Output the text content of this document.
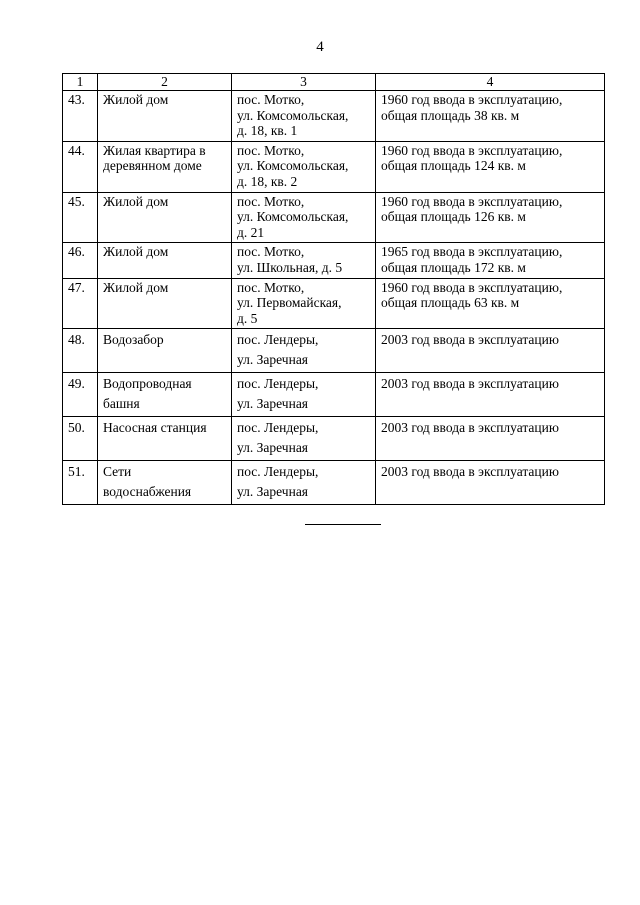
4
1	2	3	4
43.	Жилой дом	пос. Мотко,
ул. Комсомольская,
д. 18, кв. 1	1960 год ввода в эксплуатацию,
общая площадь 38 кв. м

44.	Жилая квартира в
деревянном доме	пос. Мотко,
ул. Комсомольская,
д. 18, кв. 2	1960 год ввода в эксплуатацию,
общая площадь 124 кв. м

45.	Жилой дом	пос. Мотко,
ул. Комсомольская,
д. 21	1960 год ввода в эксплуатацию,
общая площадь 126 кв. м

46.	Жилой дом	пос. Мотко,
ул. Школьная, д. 5	1965 год ввода в эксплуатацию,
общая площадь 172 кв. м

47.	Жилой дом	пос. Мотко,
ул. Первомайская,
д. 5	1960 год ввода в эксплуатацию,
общая площадь 63 кв. м

48.	Водозабор	пос. Лендеры,
ул. Заречная	2003 год ввода в эксплуатацию

49.	Водопроводная
башня	пос. Лендеры,
ул. Заречная	2003 год ввода в эксплуатацию

50.	Насосная станция	пос. Лендеры,
ул. Заречная	2003 год ввода в эксплуатацию

51.	Сети
водоснабжения	пос. Лендеры,
ул. Заречная	2003 год ввода в эксплуатацию
